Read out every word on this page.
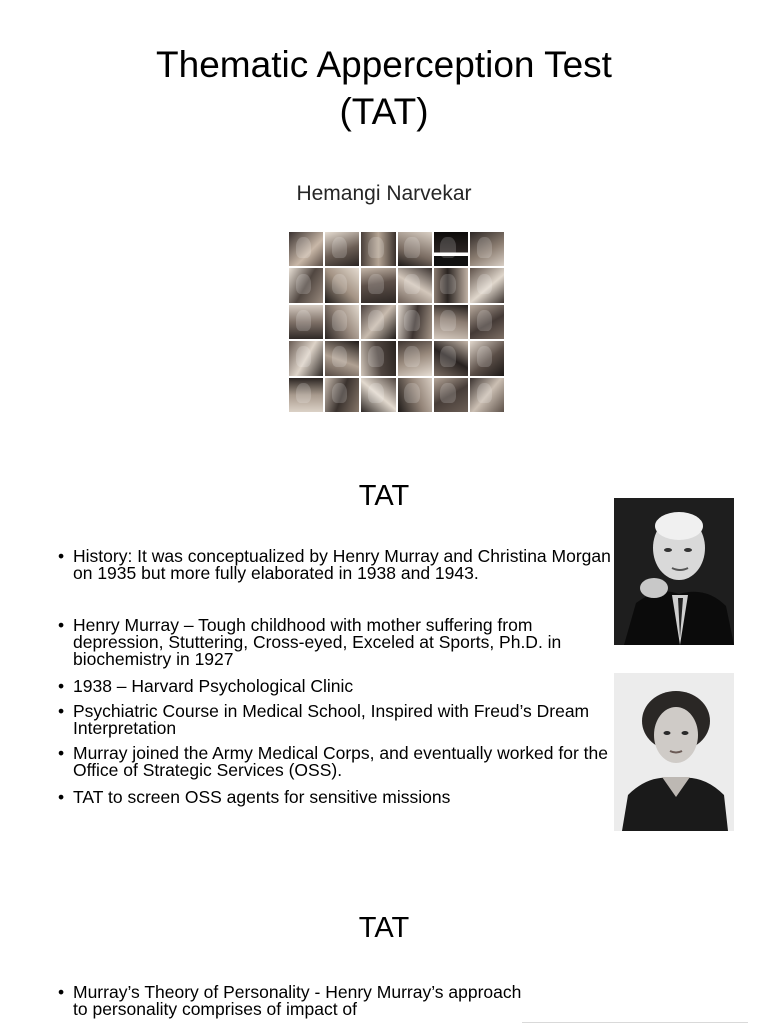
Thematic Apperception Test
(TAT)
Hemangi Narvekar
TAT
• History: It was conceptualized by Henry Murray and Christina Morgan on 1935 but more fully elaborated in 1938 and 1943.
• Henry Murray – Tough childhood with mother suffering from depression, Stuttering, Cross-eyed, Exceled at Sports, Ph.D. in biochemistry in 1927
• 1938 – Harvard Psychological Clinic
• Psychiatric Course in Medical School, Inspired with Freud’s Dream Interpretation
• Murray joined the Army Medical Corps, and eventually worked for the Office of Strategic Services (OSS).
• TAT to screen OSS agents for sensitive missions
TAT
• Murray’s Theory of Personality - Henry Murray’s approach to personality comprises of impact of
